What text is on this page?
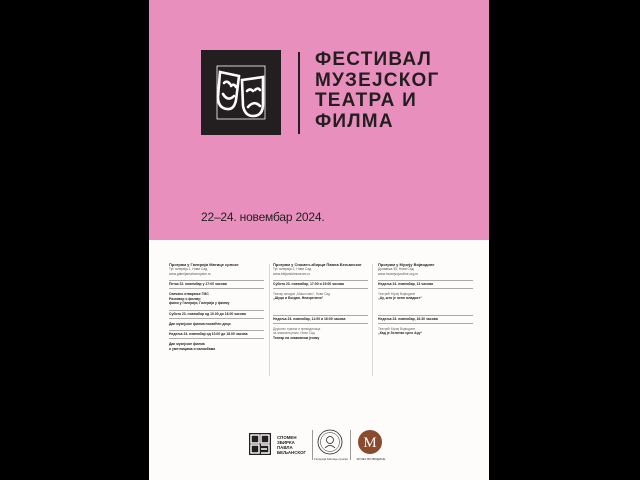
ФЕСТИВАЛ
МУЗЕЈСКОГ
ТЕАТРА И
ФИЛМА
22–24. новембар 2024.
Програм у Галерији Матице српске
Трг галерија 1, Нови Сад
www.galerijamaticesrpske.rs
Петак 22. новембар у 17:00 часова
Свечано отварање ГМС
Разговор о филму:
филм у Галерији, Галерија у филму
Субота 23. новембар од 10.00 до 18.00 часова
Дан музејског филма посвећен деци
Недеља 24. новембар од 10.00 до 18.00 часова
Дан музејског филма
о уметницима и изложбама
Програм у Спомен-збирци Павла Бељанског
Трг галерија 2, Нови Сад
www.beljanskimuseum.rs
Субота 23. новембар, 17:00 и 19:00 часова
Театар младих „Мишолово“, Нови Сад
„Шуца и Богдан. Неизречено“
Недеља 24. новембар, 11:00 и 16:00 часова
Друштво тумача и преводилаца
за знаковни језик, Нови Сад
Театар на знаковном језику
Програм у Музеју Војводине
Дунавска 35, Нови Сад
www.muzejvojvodine.org.rs
Недеља 24. новембар, 13 часова
Театрић Музеј Војводине
„Ау, што је лепо младост“
Недеља 24. новембар, 16.30 часова
Театрић Музеј Војводине
„Кад је Зеленко срео Аџу“
СПОМЕН
ЗБИРКА
ПАВЛА
БЕЉАНСКОГ
Галерија Матице српске
М
МУЗЕЈ ВОЈВОДИНЕ
